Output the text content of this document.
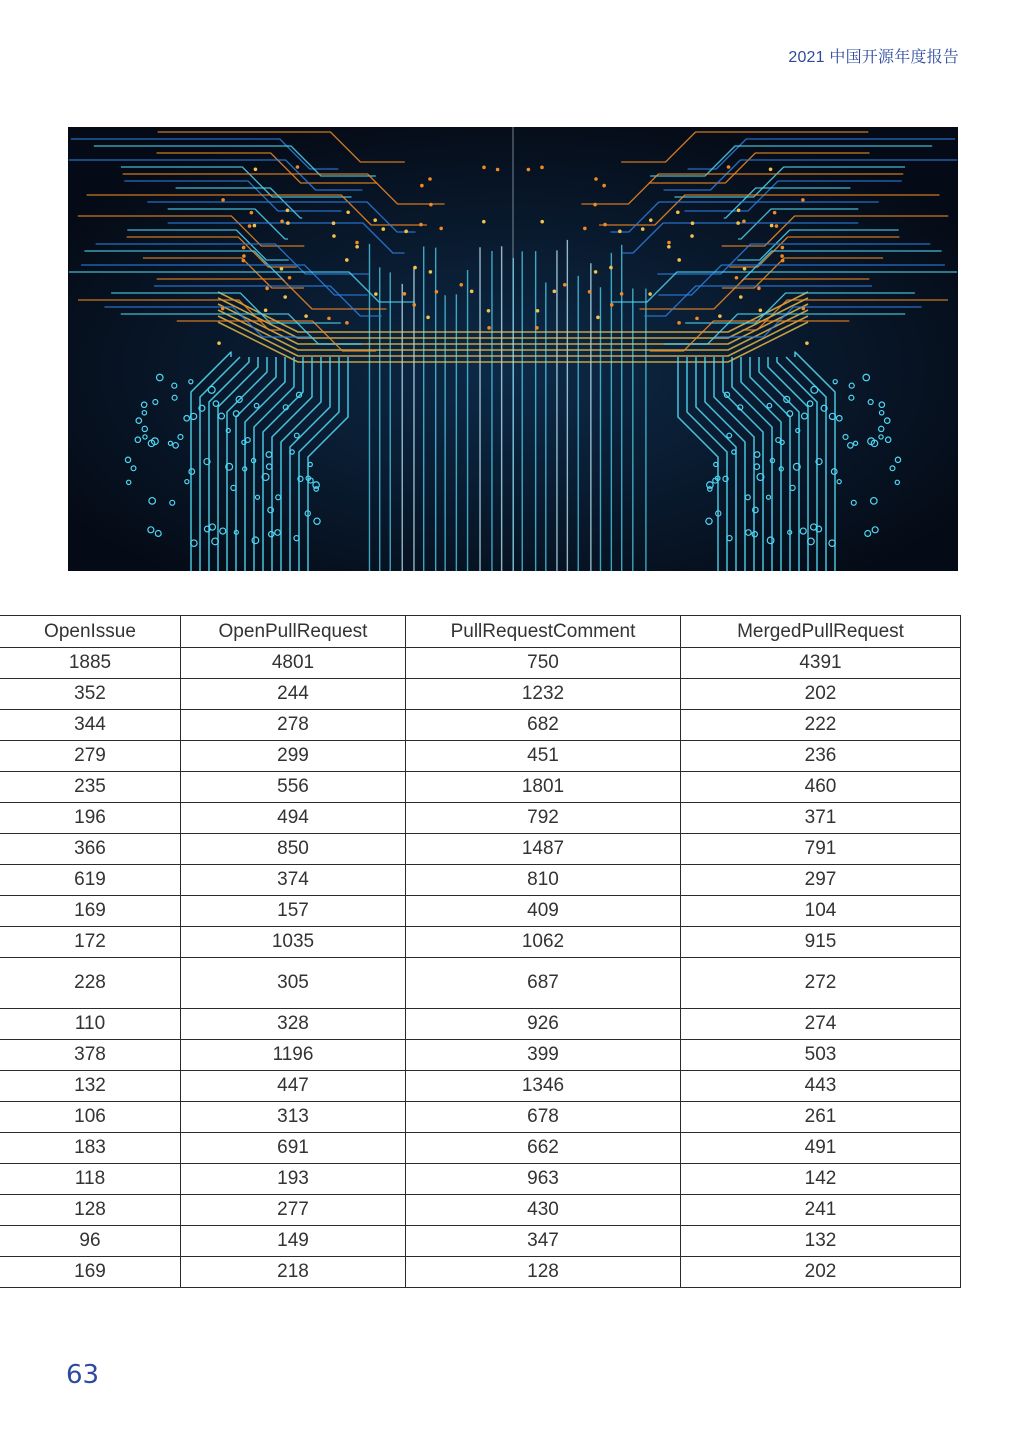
2021 中国开源年度报告
OpenIssue	OpenPullRequest	PullRequestComment	MergedPullRequest
1885	4801	750	4391
352	244	1232	202
344	278	682	222
279	299	451	236
235	556	1801	460
196	494	792	371
366	850	1487	791
619	374	810	297
169	157	409	104
172	1035	1062	915
228	305	687	272
110	328	926	274
378	1196	399	503
132	447	1346	443
106	313	678	261
183	691	662	491
118	193	963	142
128	277	430	241
96	149	347	132
169	218	128	202
63
